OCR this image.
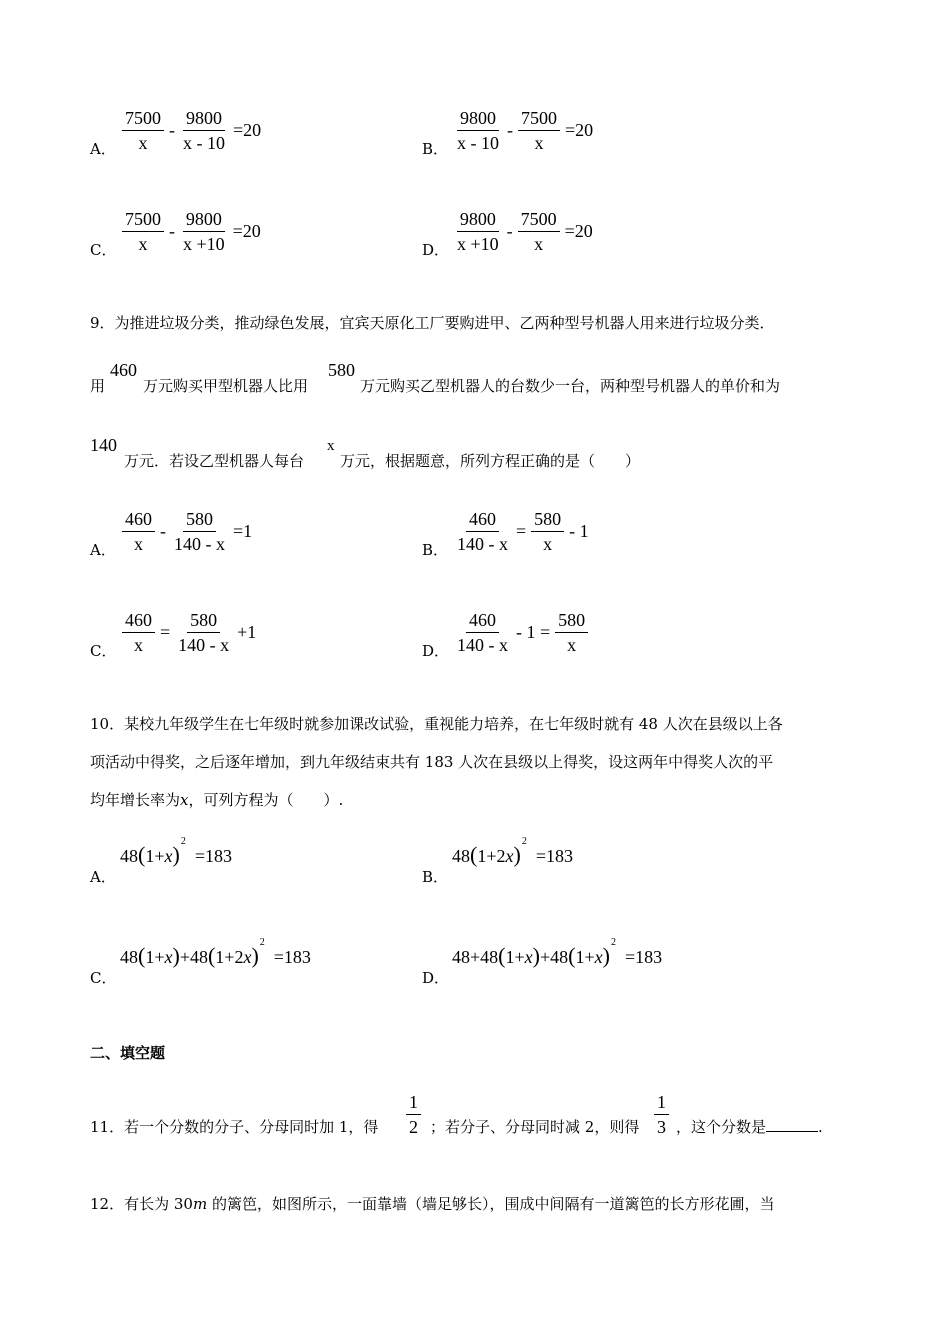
A． $\frac{7500}{x} - \frac{9800}{x - 10} =20$
B． $\frac{9800}{x - 10} - \frac{7500}{x} =20$
C． $\frac{7500}{x} - \frac{9800}{x +10} =20$
D． $\frac{9800}{x +10} - \frac{7500}{x} =20$
9．为推进垃圾分类，推动绿色发展，宜宾天原化工厂要购进甲、乙两种型号机器人用来进行垃圾分类．
用
460
万元购买甲型机器人比用
580
万元购买乙型机器人的台数少一台，两种型号机器人的单价和为
140
万元．若设乙型机器人每台
x
万元，根据题意，所列方程正确的是（　　）
A． $\frac{460}{x} - \frac{580}{140 - x} =1$
B． $\frac{460}{140 - x} = \frac{580}{x} - 1$
C． $\frac{460}{x} = \frac{580}{140 - x} +1$
D． $\frac{460}{140 - x} - 1 = \frac{580}{x}$
10．某校九年级学生在七年级时就参加课改试验，重视能力培养，在七年级时就有 48 人次在县级以上各
项活动中得奖，之后逐年增加，到九年级结束共有 183 人次在县级以上得奖，设这两年中得奖人次的平
均年增长率为x，可列方程为（　　）.
A．
$48(1+x)^2 =183$
B．
$48(1+2x)^2 =183$
C．
$48(1+x)+48(1+2x)^2 =183$
D．
$48+48(1+x)+48(1+x)^2 =183$
二、填空题
11．若一个分数的分子、分母同时加 1，得 $\frac{1}{2}$ ；若分子、分母同时减 2，则得 $\frac{1}{3}$ ，这个分数是	.
12．有长为 30m 的篱笆，如图所示，一面靠墙（墙足够长），围成中间隔有一道篱笆的长方形花圃，当
